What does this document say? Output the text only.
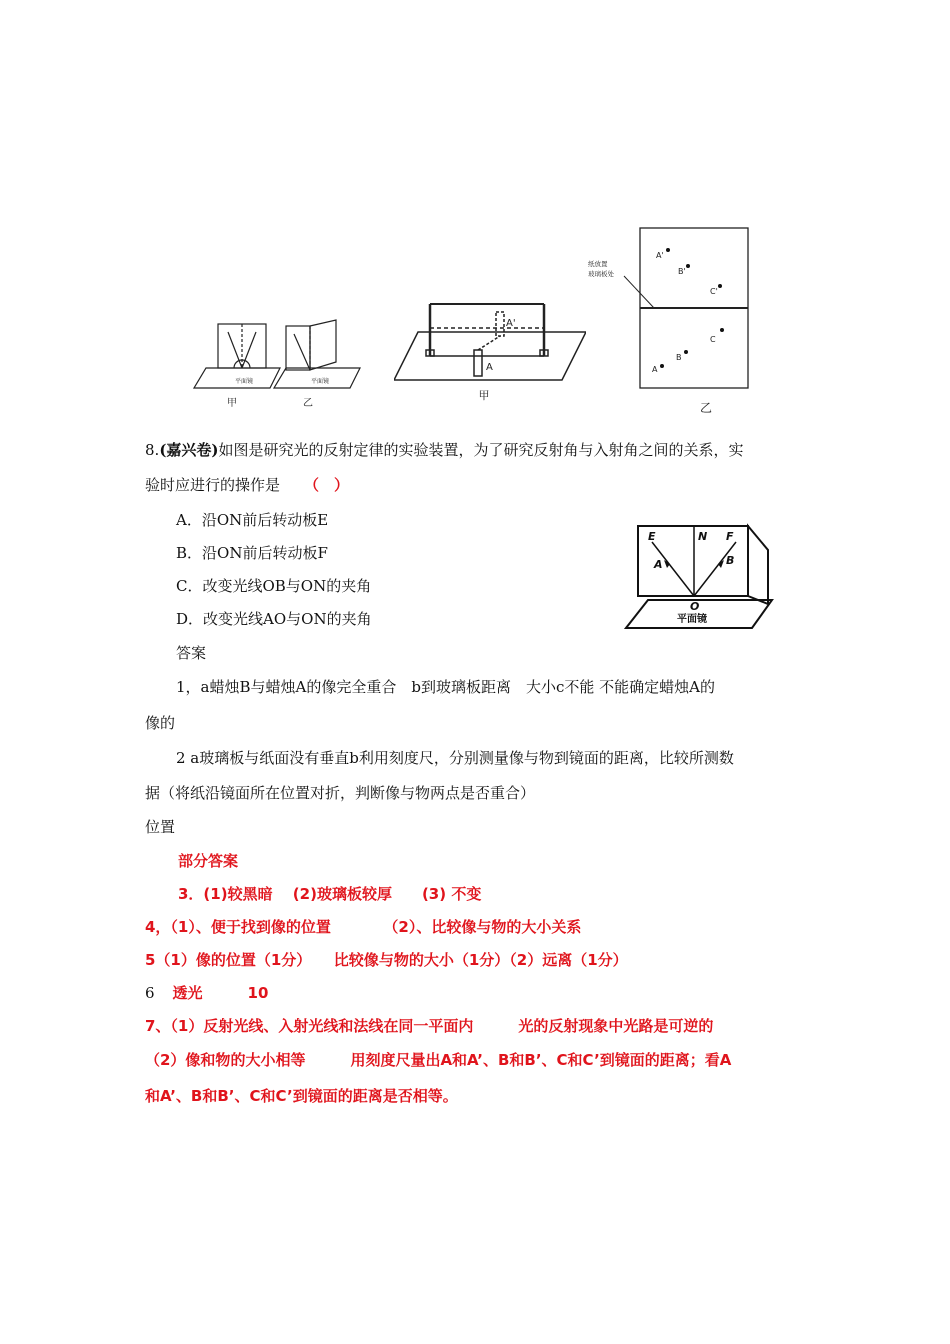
平面镜	平面镜
甲	乙
A'
A
甲
纸放置
玻璃板处
A'
B'
C'
A
B
C
乙
8.(嘉兴卷)如图是研究光的反射定律的实验装置，为了研究反射角与入射角之间的关系，实
验时应进行的操作是 （　）
A．沿ON前后转动板E
B．沿ON前后转动板F
C．改变光线OB与ON的夹角
D．改变光线AO与ON的夹角
E	N F
A	B
O
平面镜
答案
1，a蜡烛B与蜡烛A的像完全重合　b到玻璃板距离　大小c不能 不能确定蜡烛A的
像的
2 a玻璃板与纸面没有垂直b利用刻度尺，分别测量像与物到镜面的距离，比较所测数
据（将纸沿镜面所在位置对折，判断像与物两点是否重合）
位置
部分答案
3．(1)较黑暗　 (2)玻璃板较厚　　(3) 不变
4，（1）、便于找到像的位置　　　　（2）、比较像与物的大小关系
5（1）像的位置（1分）　　比较像与物的大小（1分）（2）远离（1分）
6 透光　　　10
7、（1）反射光线、入射光线和法线在同一平面内　　　光的反射现象中光路是可逆的
（2）像和物的大小相等　　　用刻度尺量出A和A’、B和B’、C和C’到镜面的距离；看A
和A’、B和B’、C和C’到镜面的距离是否相等。
